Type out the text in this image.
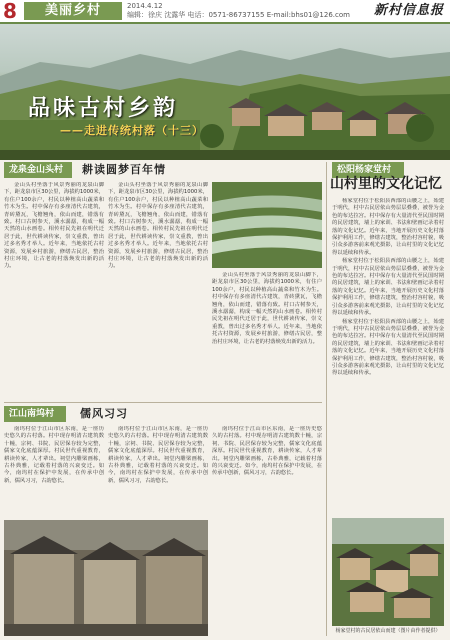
8	美丽乡村	2014.4.12
编辑：徐庆 沈露华 电话：0571-86737155 E-mail:bhs01@126.com 新村信息报
品味古村乡韵
——走进传统村落（十三）
龙泉金山头村	耕读圆梦百年情

金山头村坐落于风景秀丽的龙泉山脚下，距龙泉市区30公里，海拔约1000米，有住户100余户，村民以种植高山蔬菜和竹木为生。村中保存有多座清代古建筑，青砖黛瓦，飞檐翘角，依山而建，错落有致。村口古树参天，溪水潺潺，构成一幅天然的山水画卷。相传村民先祖在明代迁居于此，世代耕读传家，崇文重教，曾出过多名秀才举人。近年来，当地依托古村资源，发展乡村旅游，修缮古民居，整治村庄环境，让古老的村落焕发出新的活力。

金山头村坐落于风景秀丽的龙泉山脚下，距龙泉市区30公里，海拔约1000米，有住户100余户，村民以种植高山蔬菜和竹木为生。村中保存有多座清代古建筑，青砖黛瓦，飞檐翘角，依山而建，错落有致。村口古树参天，溪水潺潺，构成一幅天然的山水画卷。相传村民先祖在明代迁居于此，世代耕读传家，崇文重教，曾出过多名秀才举人。近年来，当地依托古村资源，发展乡村旅游，修缮古民居，整治村庄环境，让古老的村落焕发出新的活力。

金山头村坐落于风景秀丽的龙泉山脚下，距龙泉市区30公里，海拔约1000米，有住户100余户，村民以种植高山蔬菜和竹木为生。村中保存有多座清代古建筑，青砖黛瓦，飞檐翘角，依山而建，错落有致。村口古树参天，溪水潺潺，构成一幅天然的山水画卷。相传村民先祖在明代迁居于此，世代耕读传家，崇文重教，曾出过多名秀才举人。近年来，当地依托古村资源，发展乡村旅游，修缮古民居，整治村庄环境，让古老的村落焕发出新的活力。

江山南坞村	儒风习习

南坞村位于江山市区东南，是一座历史悠久的古村落。村中现存明清古建筑数十幢，宗祠、书院、民居保存较为完整，儒家文化底蕴深厚。村民世代重视教育，耕读传家，人才辈出。祠堂内雕梁画栋，古朴典雅，记载着村落的兴衰变迁。如今，南坞村在保护中发展，在传承中创新，儒风习习，古韵悠长。

南坞村位于江山市区东南，是一座历史悠久的古村落。村中现存明清古建筑数十幢，宗祠、书院、民居保存较为完整，儒家文化底蕴深厚。村民世代重视教育，耕读传家，人才辈出。祠堂内雕梁画栋，古朴典雅，记载着村落的兴衰变迁。如今，南坞村在保护中发展，在传承中创新，儒风习习，古韵悠长。

南坞村位于江山市区东南，是一座历史悠久的古村落。村中现存明清古建筑数十幢，宗祠、书院、民居保存较为完整，儒家文化底蕴深厚。村民世代重视教育，耕读传家，人才辈出。祠堂内雕梁画栋，古朴典雅，记载着村落的兴衰变迁。如今，南坞村在保护中发展，在传承中创新，儒风习习，古韵悠长。

松阳杨家堂村
山村里的文化记忆

杨家堂村位于松阳县西部的山腰之上，始建于明代，村中古民居依山势层层叠叠，被誉为金色的布达拉宫。村中保存有大量清代至民国时期的民居建筑，墙上的家训、书法和壁画记录着村落的文化记忆。近年来，当地开展历史文化村落保护利用工作，修缮古建筑，整治村容村貌，吸引众多游客前来观光摄影，让山村里的文化记忆得以延续和传承。

杨家堂村位于松阳县西部的山腰之上，始建于明代，村中古民居依山势层层叠叠，被誉为金色的布达拉宫。村中保存有大量清代至民国时期的民居建筑，墙上的家训、书法和壁画记录着村落的文化记忆。近年来，当地开展历史文化村落保护利用工作，修缮古建筑，整治村容村貌，吸引众多游客前来观光摄影，让山村里的文化记忆得以延续和传承。

杨家堂村位于松阳县西部的山腰之上，始建于明代，村中古民居依山势层层叠叠，被誉为金色的布达拉宫。村中保存有大量清代至民国时期的民居建筑，墙上的家训、书法和壁画记录着村落的文化记忆。近年来，当地开展历史文化村落保护利用工作，修缮古建筑，整治村容村貌，吸引众多游客前来观光摄影，让山村里的文化记忆得以延续和传承。

杨家堂村的古民居依山而建（图片由作者提供）
